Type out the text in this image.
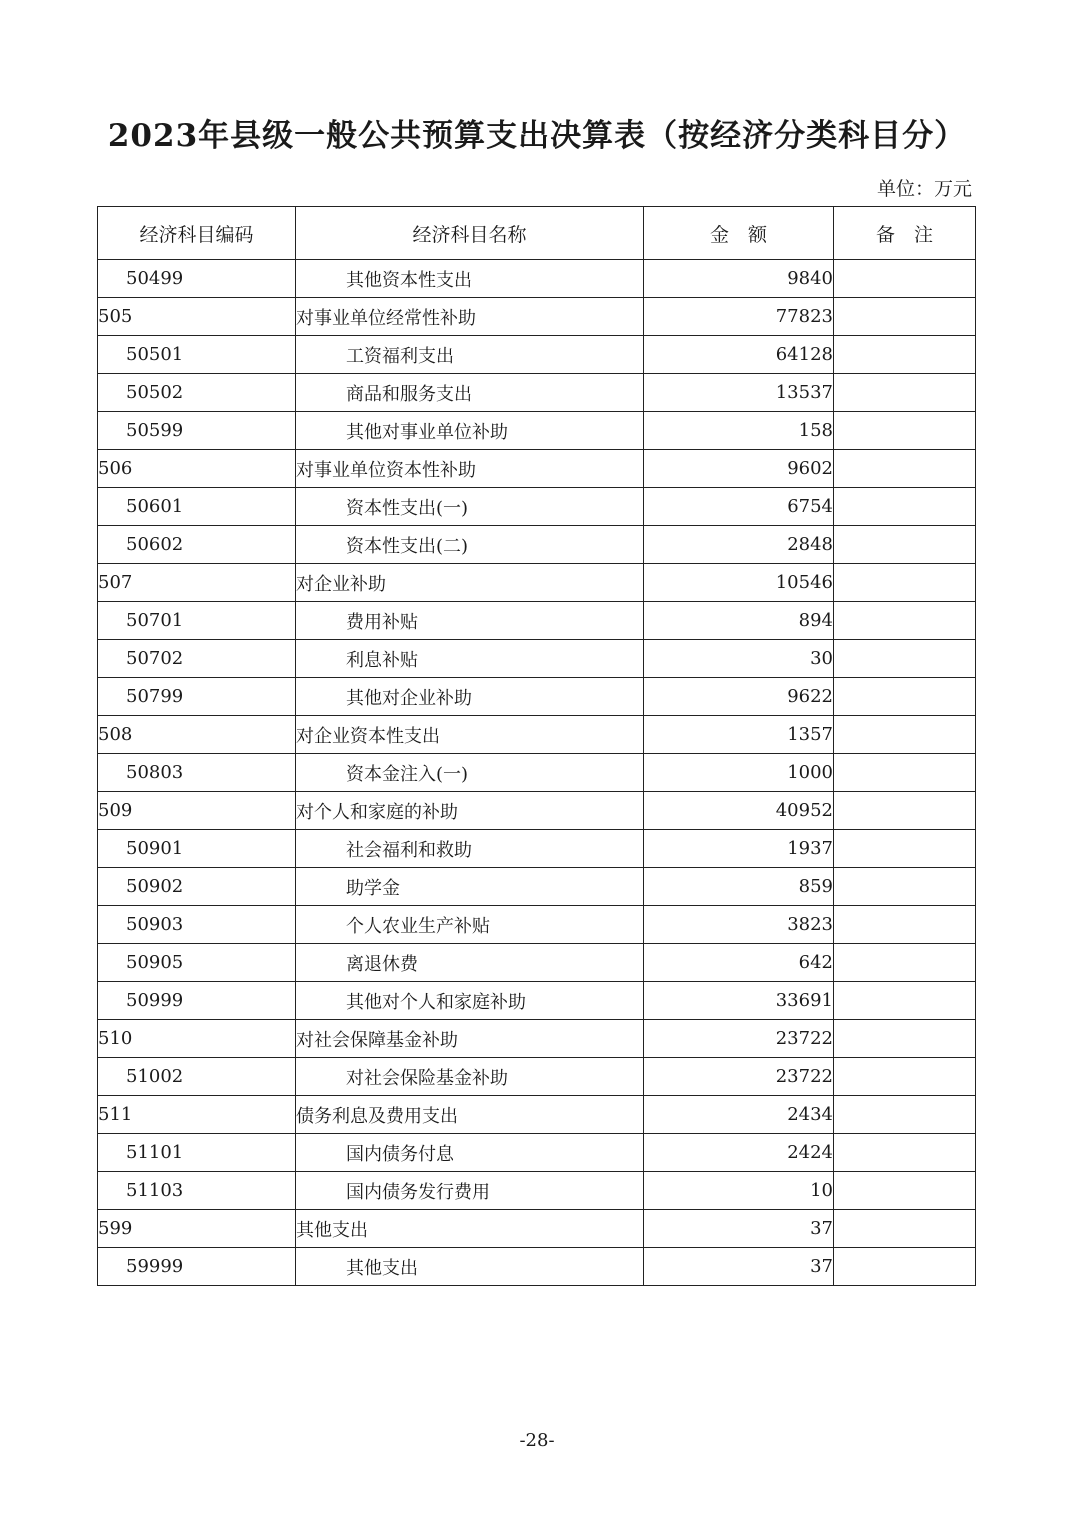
2023年县级一般公共预算支出决算表（按经济分类科目分）

单位：万元

经济科目编码	经济科目名称	金　额	备　注
50499	其他资本性支出	9840	
505	对事业单位经常性补助	77823	
50501	工资福利支出	64128	
50502	商品和服务支出	13537	
50599	其他对事业单位补助	158	
506	对事业单位资本性补助	9602	
50601	资本性支出(一)	6754	
50602	资本性支出(二)	2848	
507	对企业补助	10546	
50701	费用补贴	894	
50702	利息补贴	30	
50799	其他对企业补助	9622	
508	对企业资本性支出	1357	
50803	资本金注入(一)	1000	
509	对个人和家庭的补助	40952	
50901	社会福利和救助	1937	
50902	助学金	859	
50903	个人农业生产补贴	3823	
50905	离退休费	642	
50999	其他对个人和家庭补助	33691	
510	对社会保障基金补助	23722	
51002	对社会保险基金补助	23722	
511	债务利息及费用支出	2434	
51101	国内债务付息	2424	
51103	国内债务发行费用	10	
599	其他支出	37	
59999	其他支出	37	

-28-
